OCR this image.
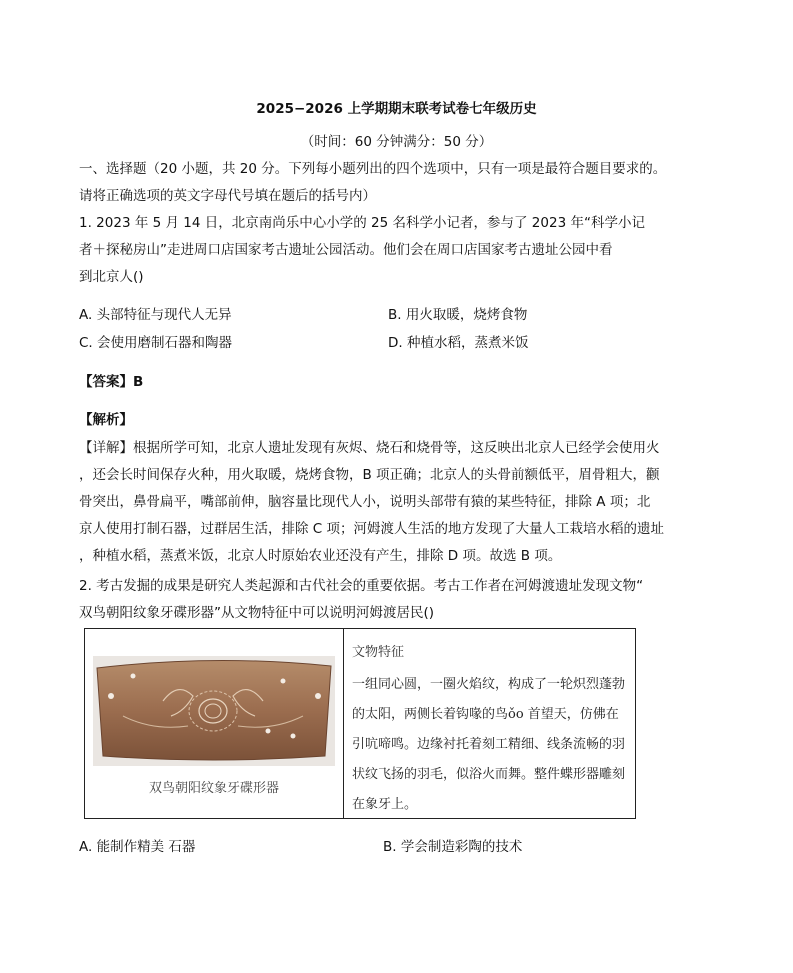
2025−2026 上学期期末联考试卷七年级历史
（时间：60 分钟满分：50 分）
一、选择题（20 小题，共 20 分。下列每小题列出的四个选项中，只有一项是最符合题目要求的。
请将正确选项的英文字母代号填在题后的括号内）
1. 2023 年 5 月 14 日，北京南尚乐中心小学的 25 名科学小记者，参与了 2023 年“科学小记
者＋探秘房山”走进周口店国家考古遗址公园活动。他们会在周口店国家考古遗址公园中看
到北京人()
A. 头部特征与现代人无异	B. 用火取暖，烧烤食物
C. 会使用磨制石器和陶器	D. 种植水稻，蒸煮米饭
【答案】B
【解析】
【详解】根据所学可知，北京人遗址发现有灰烬、烧石和烧骨等，这反映出北京人已经学会使用火
，还会长时间保存火种，用火取暖，烧烤食物，B 项正确；北京人的头骨前额低平，眉骨粗大，颧
骨突出，鼻骨扁平，嘴部前伸，脑容量比现代人小，说明头部带有猿的某些特征，排除 A 项；北
京人使用打制石器，过群居生活，排除 C 项；河姆渡人生活的地方发现了大量人工栽培水稻的遗址
，种植水稻，蒸煮米饭，北京人时原始农业还没有产生，排除 D 项。故选 B 项。
2. 考古发掘的成果是研究人类起源和古代社会的重要依据。考古工作者在河姆渡遗址发现文物“
双鸟朝阳纹象牙碟形器”从文物特征中可以说明河姆渡居民()
双鸟朝阳纹象牙碟形器
文物特征
一组同心圆，一圈火焰纹，构成了一轮炽烈蓬勃
的太阳，两侧长着钩喙的鸟ǒo 首望天，仿佛在
引吭啼鸣。边缘衬托着刻工精细、线条流畅的羽
状纹飞扬的羽毛，似浴火而舞。整件蝶形器雕刻
在象牙上。
A. 能制作精美 石器	B. 学会制造彩陶的技术
